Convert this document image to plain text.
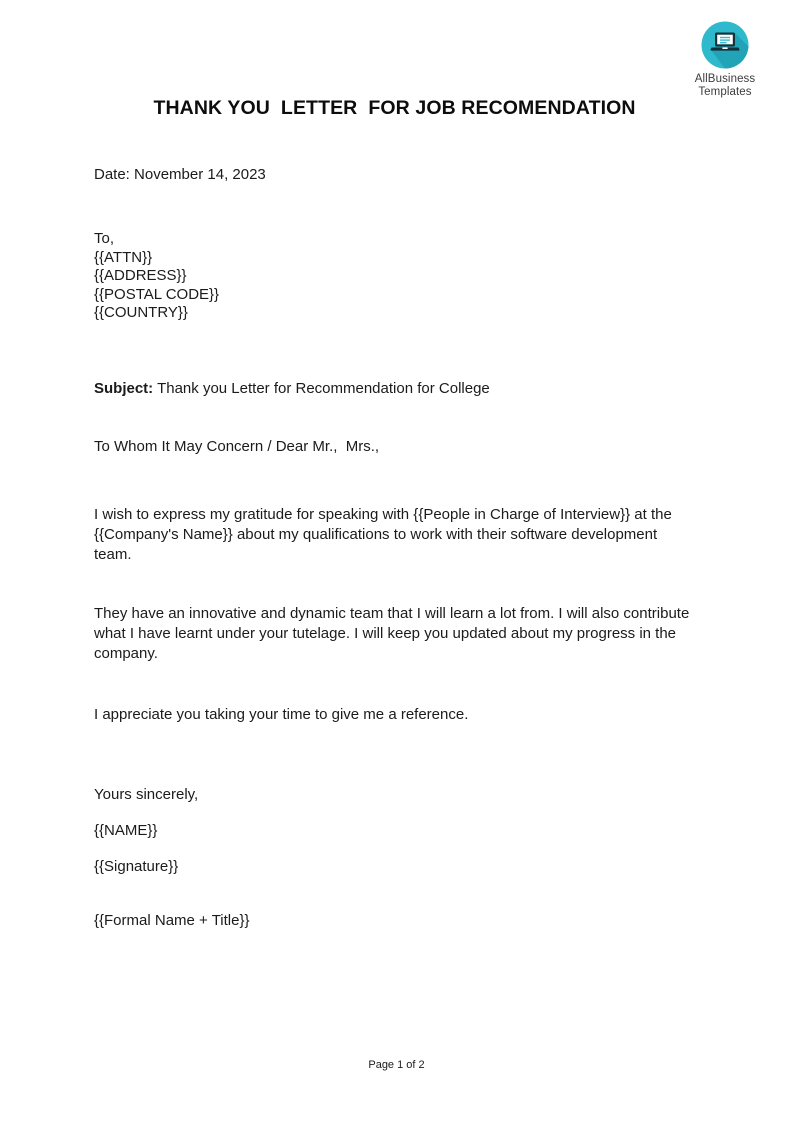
AllBusiness
Templates
THANK YOU  LETTER  FOR JOB RECOMENDATION
Date: November 14, 2023
To,
{{ATTN}}
{{ADDRESS}}
{{POSTAL CODE}}
{{COUNTRY}}
Subject: Thank you Letter for Recommendation for College
To Whom It May Concern / Dear Mr.,  Mrs.,
I wish to express my gratitude for speaking with {{People in Charge of Interview}} at the {{Company's Name}} about my qualifications to work with their software development team.
They have an innovative and dynamic team that I will learn a lot from. I will also contribute what I have learnt under your tutelage. I will keep you updated about my progress in the company.
I appreciate you taking your time to give me a reference.
Yours sincerely,
{{NAME}}
{{Signature}}
{{Formal Name + Title}}
Page 1 of 2
